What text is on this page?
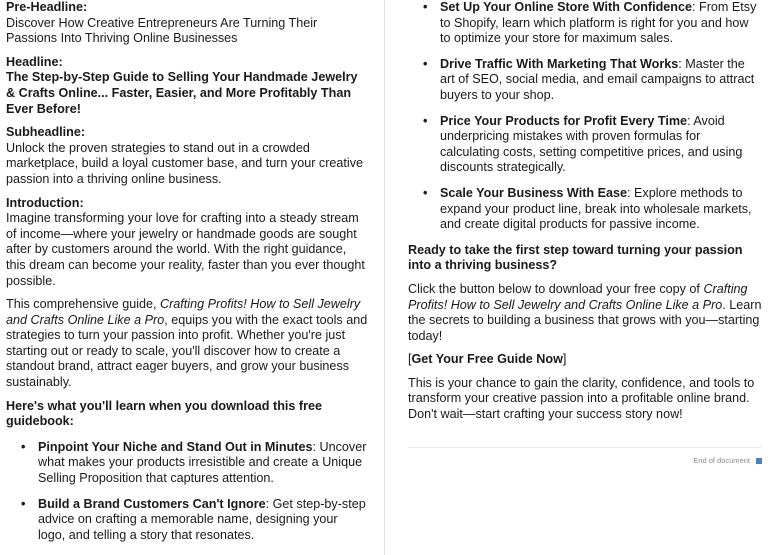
Pre-Headline:
Discover How Creative Entrepreneurs Are Turning Their Passions Into Thriving Online Businesses
Headline:
The Step-by-Step Guide to Selling Your Handmade Jewelry & Crafts Online... Faster, Easier, and More Profitably Than Ever Before!
Subheadline:
Unlock the proven strategies to stand out in a crowded marketplace, build a loyal customer base, and turn your creative passion into a thriving online business.
Introduction:
Imagine transforming your love for crafting into a steady stream of income—where your jewelry or handmade goods are sought after by customers around the world. With the right guidance, this dream can become your reality, faster than you ever thought possible.

This comprehensive guide, Crafting Profits! How to Sell Jewelry and Crafts Online Like a Pro, equips you with the exact tools and strategies to turn your passion into profit. Whether you're just starting out or ready to scale, you'll discover how to create a standout brand, attract eager buyers, and grow your business sustainably.

Here's what you'll learn when you download this free guidebook:

• Pinpoint Your Niche and Stand Out in Minutes: Uncover what makes your products irresistible and create a Unique Selling Proposition that captures attention.
• Build a Brand Customers Can't Ignore: Get step-by-step advice on crafting a memorable name, designing your logo, and telling a story that resonates.
• Set Up Your Online Store With Confidence: From Etsy to Shopify, learn which platform is right for you and how to optimize your store for maximum sales.
• Drive Traffic With Marketing That Works: Master the art of SEO, social media, and email campaigns to attract buyers to your shop.
• Price Your Products for Profit Every Time: Avoid underpricing mistakes with proven formulas for calculating costs, setting competitive prices, and using discounts strategically.
• Scale Your Business With Ease: Explore methods to expand your product line, break into wholesale markets, and create digital products for passive income.

Ready to take the first step toward turning your passion into a thriving business?

Click the button below to download your free copy of Crafting Profits! How to Sell Jewelry and Crafts Online Like a Pro. Learn the secrets to building a business that grows with you—starting today!

[Get Your Free Guide Now]

This is your chance to gain the clarity, confidence, and tools to transform your creative passion into a profitable online brand. Don't wait—start crafting your success story now!

End of document
